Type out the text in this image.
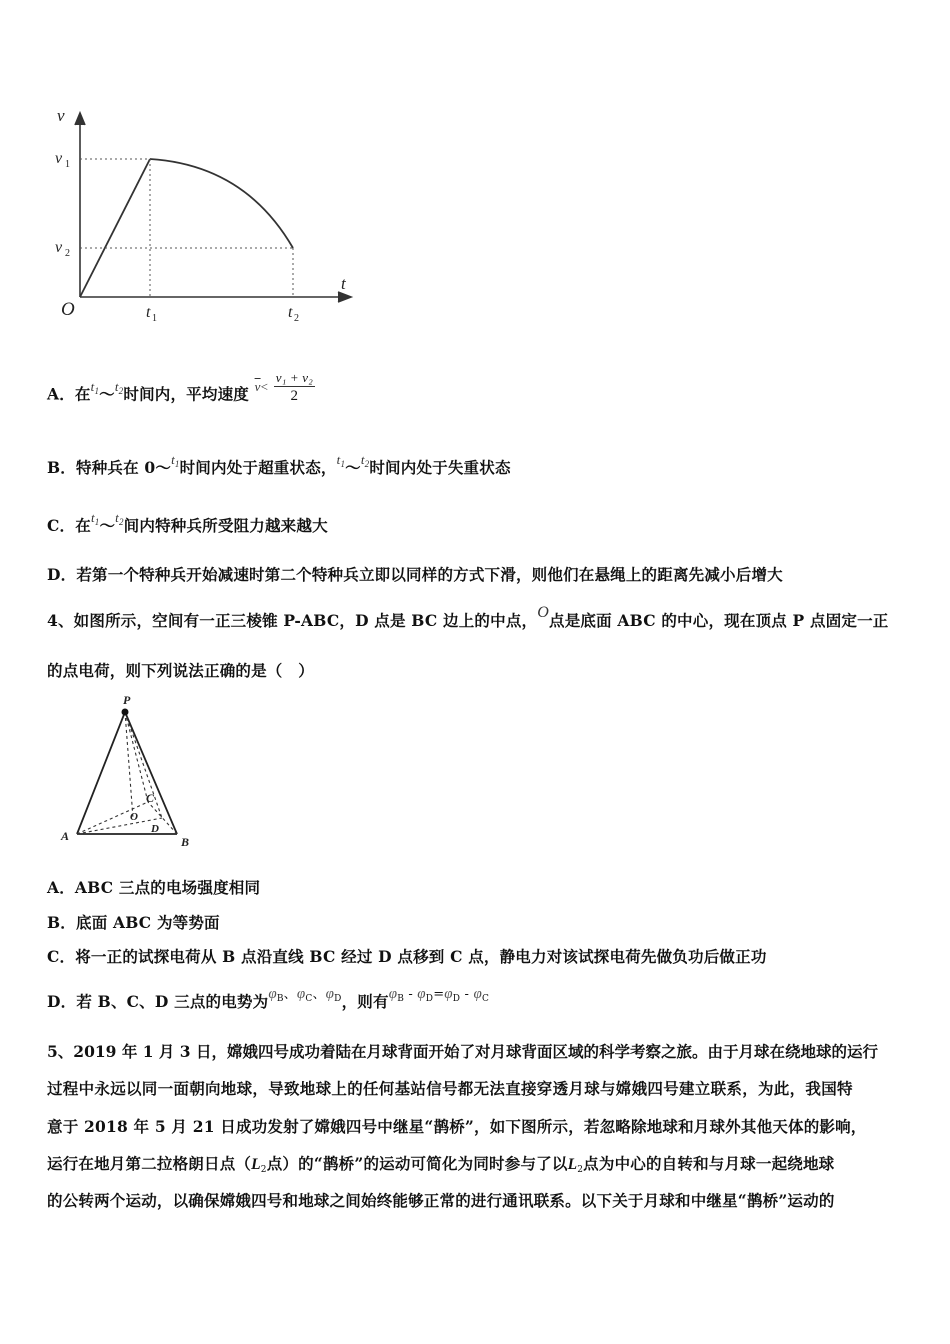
v
t
O
v 1
v 2
t 1	t 2
A．在$^{t1}$～$^{t2}$时间内，平均速度 $^{\overline{v}<} \frac{\text{v₁ + v₂}}{2}$
B．特种兵在 0～$^{t1}$时间内处于超重状态，$^{t1}$～$^{t2}$时间内处于失重状态
C．在$^{t1}$～$^{t2}$间内特种兵所受阻力越来越大
D．若第一个特种兵开始减速时第二个特种兵立即以同样的方式下滑，则他们在悬绳上的距离先减小后增大
4、如图所示，空间有一正三棱锥 P-ABC，D 点是 BC 边上的中点，O点是底面 ABC 的中心，现在顶点 P 点固定一正
的点电荷，则下列说法正确的是（　）
P
A	B
C
O
D
A．ABC 三点的电场强度相同
B．底面 ABC 为等势面
C．将一正的试探电荷从 B 点沿直线 BC 经过 D 点移到 C 点，静电力对该试探电荷先做负功后做正功
D．若 B、C、D 三点的电势为$\varphi^{B、}\varphi^{C、}\varphi^D$，则有$\varphi^B$ - $\varphi^{D=}\varphi^D$ - $\varphi^C$
5、2019 年 1 月 3 日，嫦娥四号成功着陆在月球背面开始了对月球背面区域的科学考察之旅。由于月球在绕地球的运行
过程中永远以同一面朝向地球，导致地球上的任何基站信号都无法直接穿透月球与嫦娥四号建立联系，为此，我国特
意于 2018 年 5 月 21 日成功发射了嫦娥四号中继星“鹊桥”，如下图所示，若忽略除地球和月球外其他天体的影响，
运行在地月第二拉格朗日点（L2点）的“鹊桥”的运动可简化为同时参与了以L2点为中心的自转和与月球一起绕地球
的公转两个运动，以确保嫦娥四号和地球之间始终能够正常的进行通讯联系。以下关于月球和中继星“鹊桥”运动的
